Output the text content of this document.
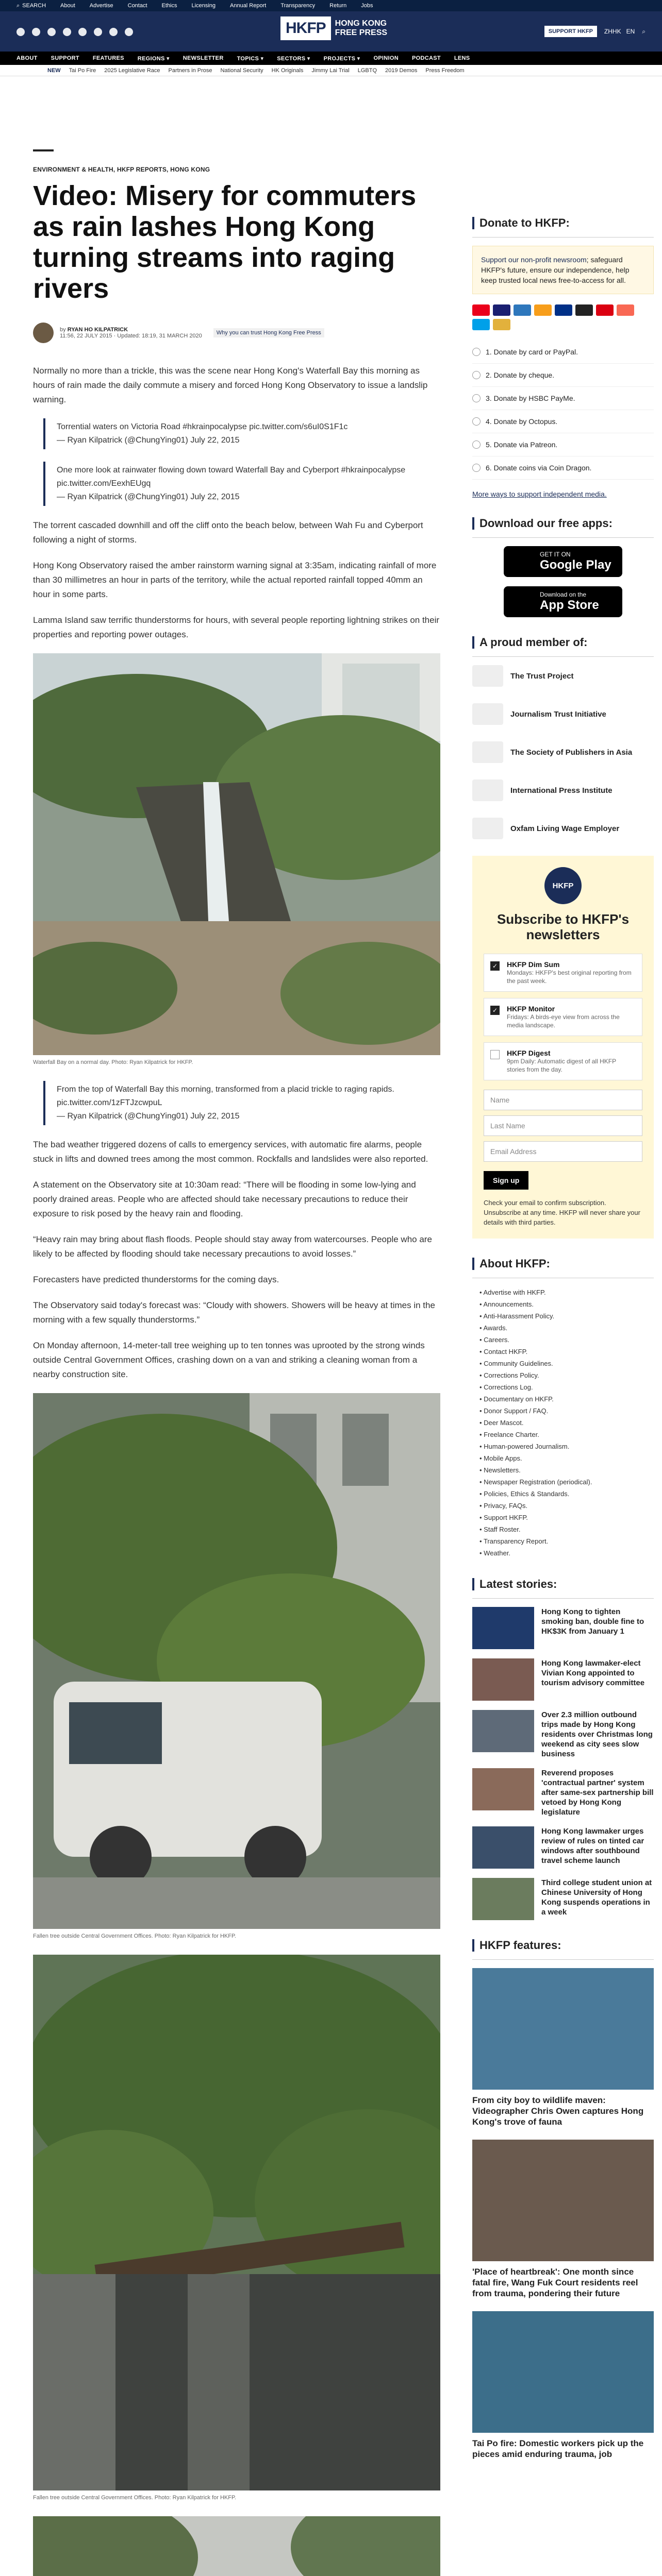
⌕ SEARCH	About	Advertise	Contact	Ethics	Licensing	Annual Report	Transparency	Return	Jobs
HKFP	HONG KONG
FREE PRESS	SUPPORT HKFP	ZHHK EN ⌕
ABOUT SUPPORT FEATURES REGIONS ▾ NEWSLETTER TOPICS ▾ SECTORS ▾ PROJECTS ▾ OPINION PODCAST LENS
NEW Tai Po Fire 2025 Legislative Race Partners in Prose National Security HK Originals Jimmy Lai Trial LGBTQ 2019 Demos Press Freedom
ENVIRONMENT & HEALTH, HKFP REPORTS, HONG KONG
Video: Misery for commuters as rain lashes Hong Kong turning streams into raging rivers
by RYAN HO KILPATRICK
11:56, 22 JULY 2015 · Updated: 18:19, 31 MARCH 2020	Why you can trust Hong Kong Free Press

Normally no more than a trickle, this was the scene near Hong Kong's Waterfall Bay this morning as hours of rain made the daily commute a misery and forced Hong Kong Observatory to issue a landslip warning.

Torrential waters on Victoria Road #hkrainpocalypse pic.twitter.com/s6uI0S1F1c
— Ryan Kilpatrick (@ChungYing01) July 22, 2015
One more look at rainwater flowing down toward Waterfall Bay and Cyberport #hkrainpocalypse pic.twitter.com/EexhEUgq
— Ryan Kilpatrick (@ChungYing01) July 22, 2015

The torrent cascaded downhill and off the cliff onto the beach below, between Wah Fu and Cyberport following a night of storms.

Hong Kong Observatory raised the amber rainstorm warning signal at 3:35am, indicating rainfall of more than 30 millimetres an hour in parts of the territory, while the actual reported rainfall topped 40mm an hour in some parts.

Lamma Island saw terrific thunderstorms for hours, with several people reporting lightning strikes on their properties and reporting power outages.

Waterfall Bay on a normal day. Photo: Ryan Kilpatrick for HKFP.
From the top of Waterfall Bay this morning, transformed from a placid trickle to raging rapids. pic.twitter.com/1zFTJzcwpuL
— Ryan Kilpatrick (@ChungYing01) July 22, 2015

The bad weather triggered dozens of calls to emergency services, with automatic fire alarms, people stuck in lifts and downed trees among the most common. Rockfalls and landslides were also reported.

A statement on the Observatory site at 10:30am read: “There will be flooding in some low-lying and poorly drained areas. People who are affected should take necessary precautions to reduce their exposure to risk posed by the heavy rain and flooding.

“Heavy rain may bring about flash floods. People should stay away from watercourses. People who are likely to be affected by flooding should take necessary precautions to avoid losses.”

Forecasters have predicted thunderstorms for the coming days.

The Observatory said today's forecast was: “Cloudy with showers. Showers will be heavy at times in the morning with a few squally thunderstorms.”

On Monday afternoon, 14-meter-tall tree weighing up to ten tonnes was uprooted by the strong winds outside Central Government Offices, crashing down on a van and striking a cleaning woman from a nearby construction site.

Fallen tree outside Central Government Offices. Photo: Ryan Kilpatrick for HKFP.
Fallen tree outside Central Government Offices. Photo: Ryan Kilpatrick for HKFP.
Donate to HKFP:
Support our non-profit newsroom; safeguard HKFP's future, ensure our independence, help keep trusted local news free-to-access for all.
1. Donate by card or PayPal.
2. Donate by cheque.
3. Donate by HSBC PayMe.
4. Donate by Octopus.
5. Donate via Patreon.
6. Donate coins via Coin Dragon.
More ways to support independent media.
Download our free apps:
GET IT ON
Google Play
Download on the
App Store
A proud member of:
The Trust Project
Journalism Trust Initiative
The Society of Publishers in Asia
International Press Institute
Oxfam Living Wage Employer
HKFP
Subscribe to HKFP's newsletters
✓ HKFP Dim Sum
Mondays: HKFP's best original reporting from the past week.
✓ HKFP Monitor
Fridays: A birds-eye view from across the media landscape.
HKFP Digest
9pm Daily: Automatic digest of all HKFP stories from the day.
Name
Last Name
Email Address
Sign up
Check your email to confirm subscription. Unsubscribe at any time. HKFP will never share your details with third parties.
About HKFP:
• Advertise with HKFP.
• Announcements.
• Anti-Harassment Policy.
• Awards.
• Careers.
• Contact HKFP.
• Community Guidelines.
• Corrections Policy.
• Corrections Log.
• Documentary on HKFP.
• Donor Support / FAQ.
• Deer Mascot.
• Freelance Charter.
• Human-powered Journalism.
• Mobile Apps.
• Newsletters.
• Newspaper Registration (periodical).
• Policies, Ethics & Standards.
• Privacy, FAQs.
• Support HKFP.
• Staff Roster.
• Transparency Report.
• Weather.
Latest stories:
Hong Kong to tighten smoking ban, double fine to HK$3K from January 1
Hong Kong lawmaker-elect Vivian Kong appointed to tourism advisory committee
Over 2.3 million outbound trips made by Hong Kong residents over Christmas long weekend as city sees slow business
Reverend proposes 'contractual partner' system after same-sex partnership bill vetoed by Hong Kong legislature
Hong Kong lawmaker urges review of rules on tinted car windows after southbound travel scheme launch
Third college student union at Chinese University of Hong Kong suspends operations in a week
HKFP features:
From city boy to wildlife maven: Videographer Chris Owen captures Hong Kong's trove of fauna
'Place of heartbreak': One month since fatal fire, Wang Fuk Court residents reel from trauma, pondering their future
Tai Po fire: Domestic workers pick up the pieces amid enduring trauma, job
